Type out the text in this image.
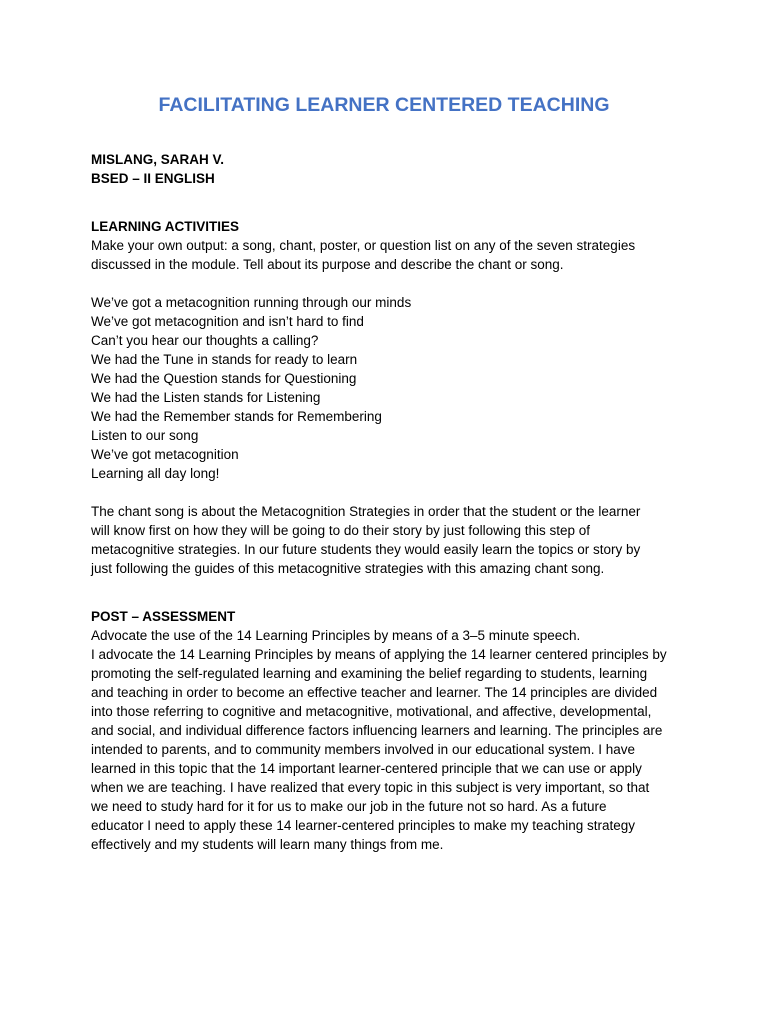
FACILITATING LEARNER CENTERED TEACHING
MISLANG, SARAH V.
BSED – II ENGLISH
LEARNING ACTIVITIES
Make your own output: a song, chant, poster, or question list on any of the seven strategies
discussed in the module. Tell about its purpose and describe the chant or song.
We’ve got a metacognition running through our minds
We’ve got metacognition and isn’t hard to find
Can’t you hear our thoughts a calling?
We had the Tune in stands for ready to learn
We had the Question stands for Questioning
We had the Listen stands for Listening
We had the Remember stands for Remembering
Listen to our song
We’ve got metacognition
Learning all day long!
The chant song is about the Metacognition Strategies in order that the student or the learner
will know first on how they will be going to do their story by just following this step of
metacognitive strategies. In our future students they would easily learn the topics or story by
just following the guides of this metacognitive strategies with this amazing chant song.
POST – ASSESSMENT
Advocate the use of the 14 Learning Principles by means of a 3–5 minute speech.
I advocate the 14 Learning Principles by means of applying the 14 learner centered principles by
promoting the self-regulated learning and examining the belief regarding to students, learning
and teaching in order to become an effective teacher and learner. The 14 principles are divided
into those referring to cognitive and metacognitive, motivational, and affective, developmental,
and social, and individual difference factors influencing learners and learning. The principles are
intended to parents, and to community members involved in our educational system. I have
learned in this topic that the 14 important learner-centered principle that we can use or apply
when we are teaching. I have realized that every topic in this subject is very important, so that
we need to study hard for it for us to make our job in the future not so hard. As a future
educator I need to apply these 14 learner-centered principles to make my teaching strategy
effectively and my students will learn many things from me.
